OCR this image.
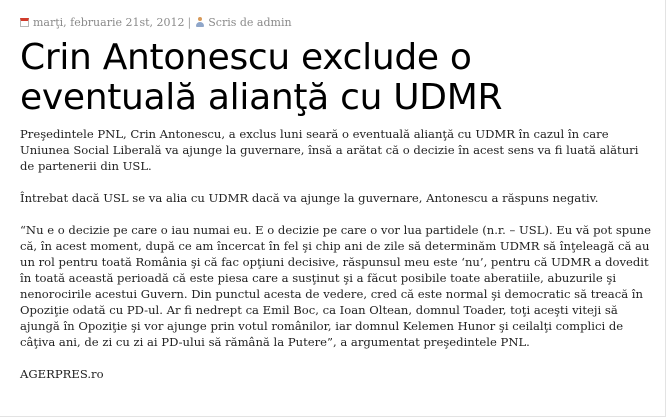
marţi, februarie 21st, 2012 | Scris de admin
Crin Antonescu exclude o eventuală alianţă cu UDMR

Preşedintele PNL, Crin Antonescu, a exclus luni seară o eventuală alianţă cu UDMR în cazul în care Uniunea Social Liberală va ajunge la guvernare, însă a arătat că o decizie în acest sens va fi luată alături de partenerii din USL.

Întrebat dacă USL se va alia cu UDMR dacă va ajunge la guvernare, Antonescu a răspuns negativ.

“Nu e o decizie pe care o iau numai eu. E o decizie pe care o vor lua partidele (n.r. – USL). Eu vă pot spune că, în acest moment, după ce am încercat în fel şi chip ani de zile să determinăm UDMR să înţeleagă că au un rol pentru toată România şi că fac opţiuni decisive, răspunsul meu este ‘nu’, pentru că UDMR a dovedit în toată această perioadă că este piesa care a susţinut şi a făcut posibile toate aberatiile, abuzurile şi nenorocirile acestui Guvern. Din punctul acesta de vedere, cred că este normal şi democratic să treacă în Opoziţie odată cu PD-ul. Ar fi nedrept ca Emil Boc, ca Ioan Oltean, domnul Toader, toţi aceşti viteji să ajungă în Opoziţie şi vor ajunge prin votul românilor, iar domnul Kelemen Hunor şi ceilalţi complici de câţiva ani, de zi cu zi ai PD-ului să rămână la Putere”, a argumentat preşedintele PNL.

AGERPRES.ro
